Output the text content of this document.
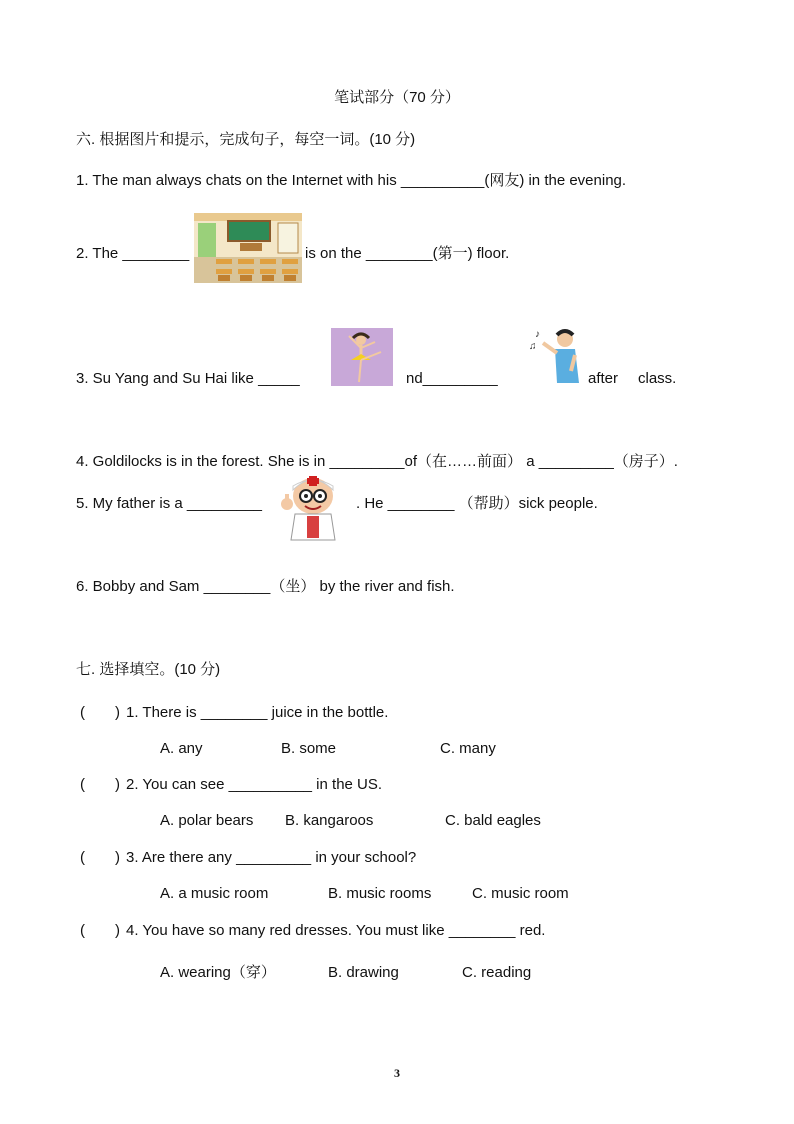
笔试部分（70 分）
六. 根据图片和提示，完成句子，每空一词。(10 分)
1. The man always chats on the Internet with his __________(网友) in the evening.
2. The ________	is on the ________(第一) floor.
3. Su Yang and Su Hai like _____	nd_________
♪
♫
after class.
4. Goldilocks is in the forest. She is in _________of（在……前面） a _________（房子）.
5. My father is a _________	. He ________ （帮助）sick people.
6. Bobby and Sam ________（坐） by the river and fish.
七. 选择填空。(10 分)
( ) 1. There is ________ juice in the bottle.
A. any	B. some	C. many
( ) 2. You can see __________ in the US.
A. polar bears B. kangaroos	C. bald eagles
( ) 3. Are there any _________ in your school?
A. a music room	B. music rooms	C. music room
( ) 4. You have so many red dresses. You must like ________ red.
A. wearing（穿）	B. drawing	C. reading
3
